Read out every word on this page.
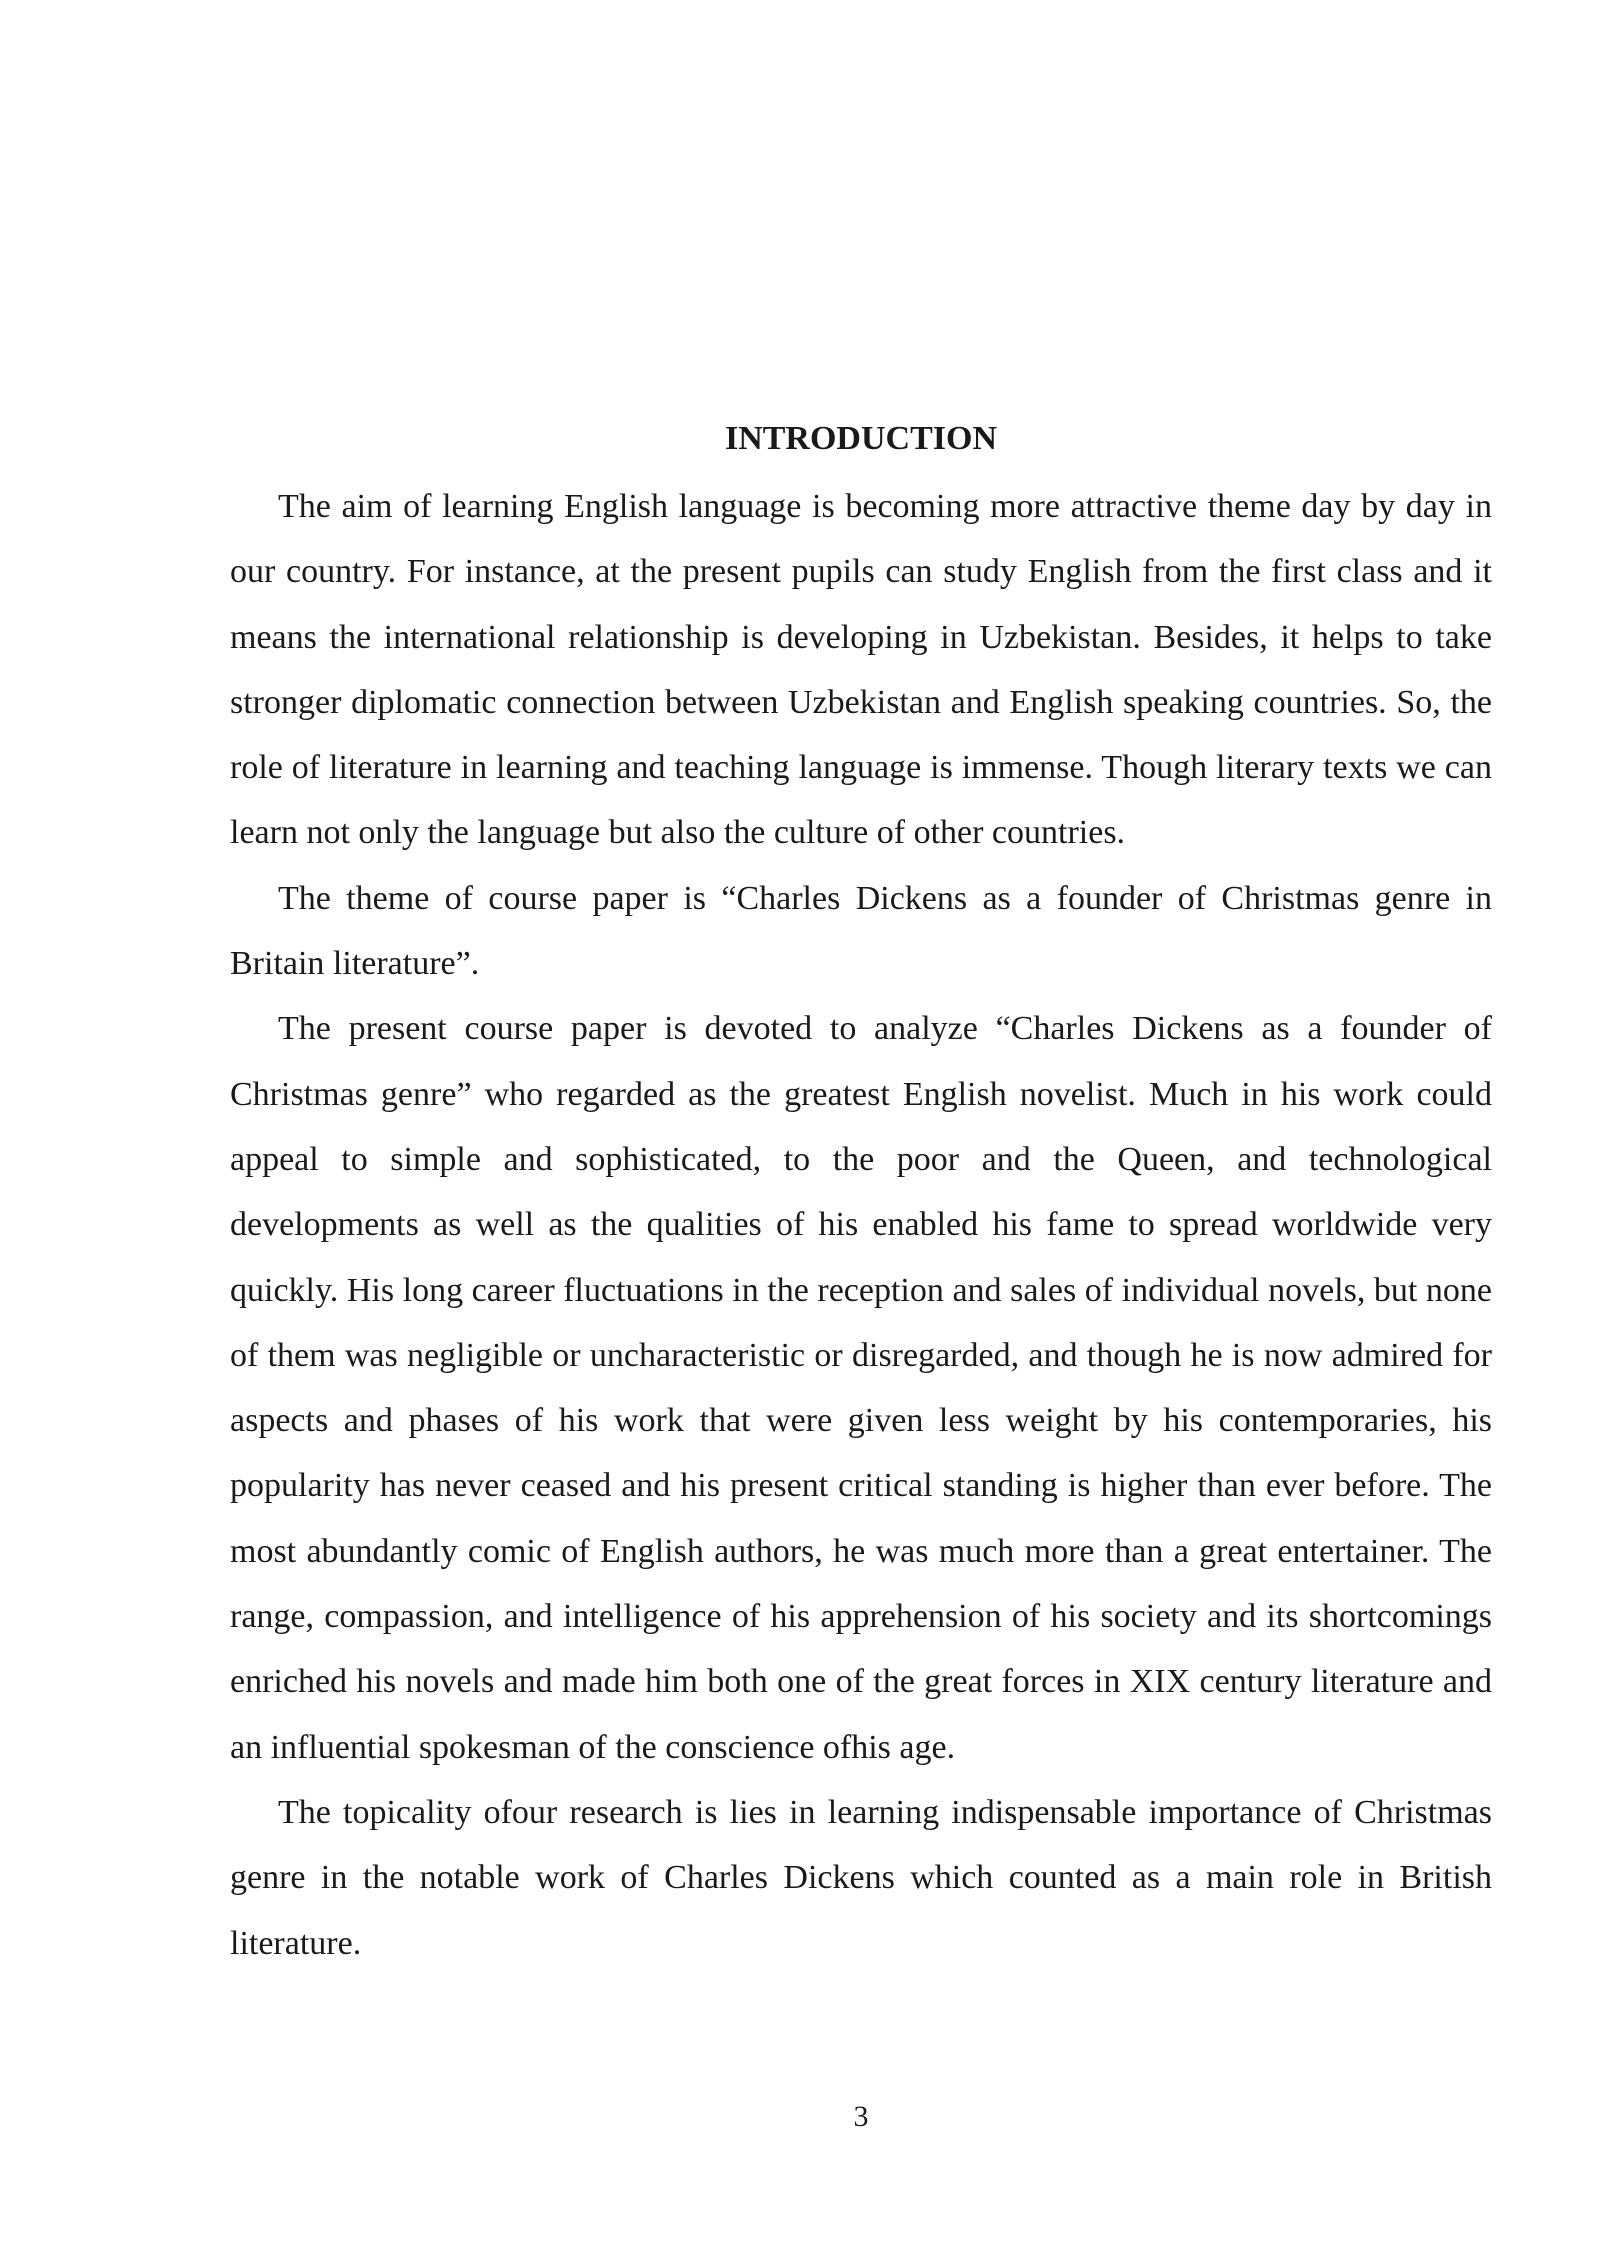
INTRODUCTION

The aim of learning English language is becoming more attractive theme day by day in our country. For instance, at the present pupils can study English from the first class and it means the international relationship is developing in Uzbekistan. Besides, it helps to take stronger diplomatic connection between Uzbekistan and English speaking countries. So, the role of literature in learning and teaching language is immense. Though literary texts we can learn not only the language but also the culture of other countries.

The theme of course paper is “Charles Dickens as a founder of Christmas genre in Britain literature”.

The present course paper is devoted to analyze “Charles Dickens as a founder of Christmas genre” who regarded as the greatest English novelist. Much in his work could appeal to simple and sophisticated, to the poor and the Queen, and technological developments as well as the qualities of his enabled his fame to spread worldwide very quickly. His long career fluctuations in the reception and sales of individual novels, but none of them was negligible or uncharacteristic or disregarded, and though he is now admired for aspects and phases of his work that were given less weight by his contemporaries, his popularity has never ceased and his present critical standing is higher than ever before. The most abundantly comic of English authors, he was much more than a great entertainer. The range, compassion, and intelligence of his apprehension of his society and its shortcomings enriched his novels and made him both one of the great forces in XIX century literature and an influential spokesman of the conscience ofhis age.

The topicality ofour research is lies in learning indispensable importance of Christmas genre in the notable work of Charles Dickens which counted as a main role in British literature.

3
